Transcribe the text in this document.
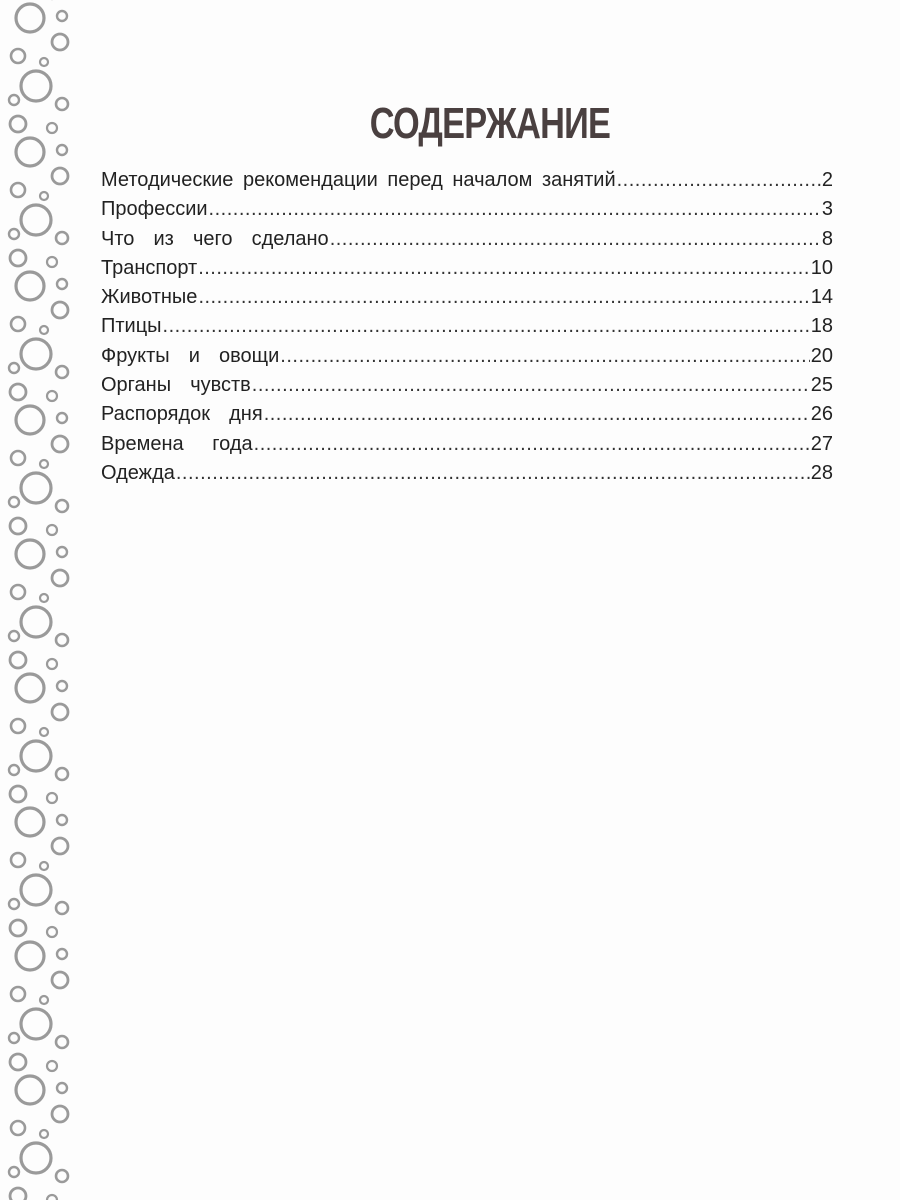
СОДЕРЖАНИЕ
Методические рекомендации перед началом занятий .....	2
Профессии .....	3
Что  из  чего  сделано .....	8
Транспорт .....	10
Животные .....	14
Птицы .....	18
Фрукты  и  овощи .....	20
Органы  чувств .....	25
Распорядок  дня .....	26
Времена   года .....	27
Одежда .....	28
